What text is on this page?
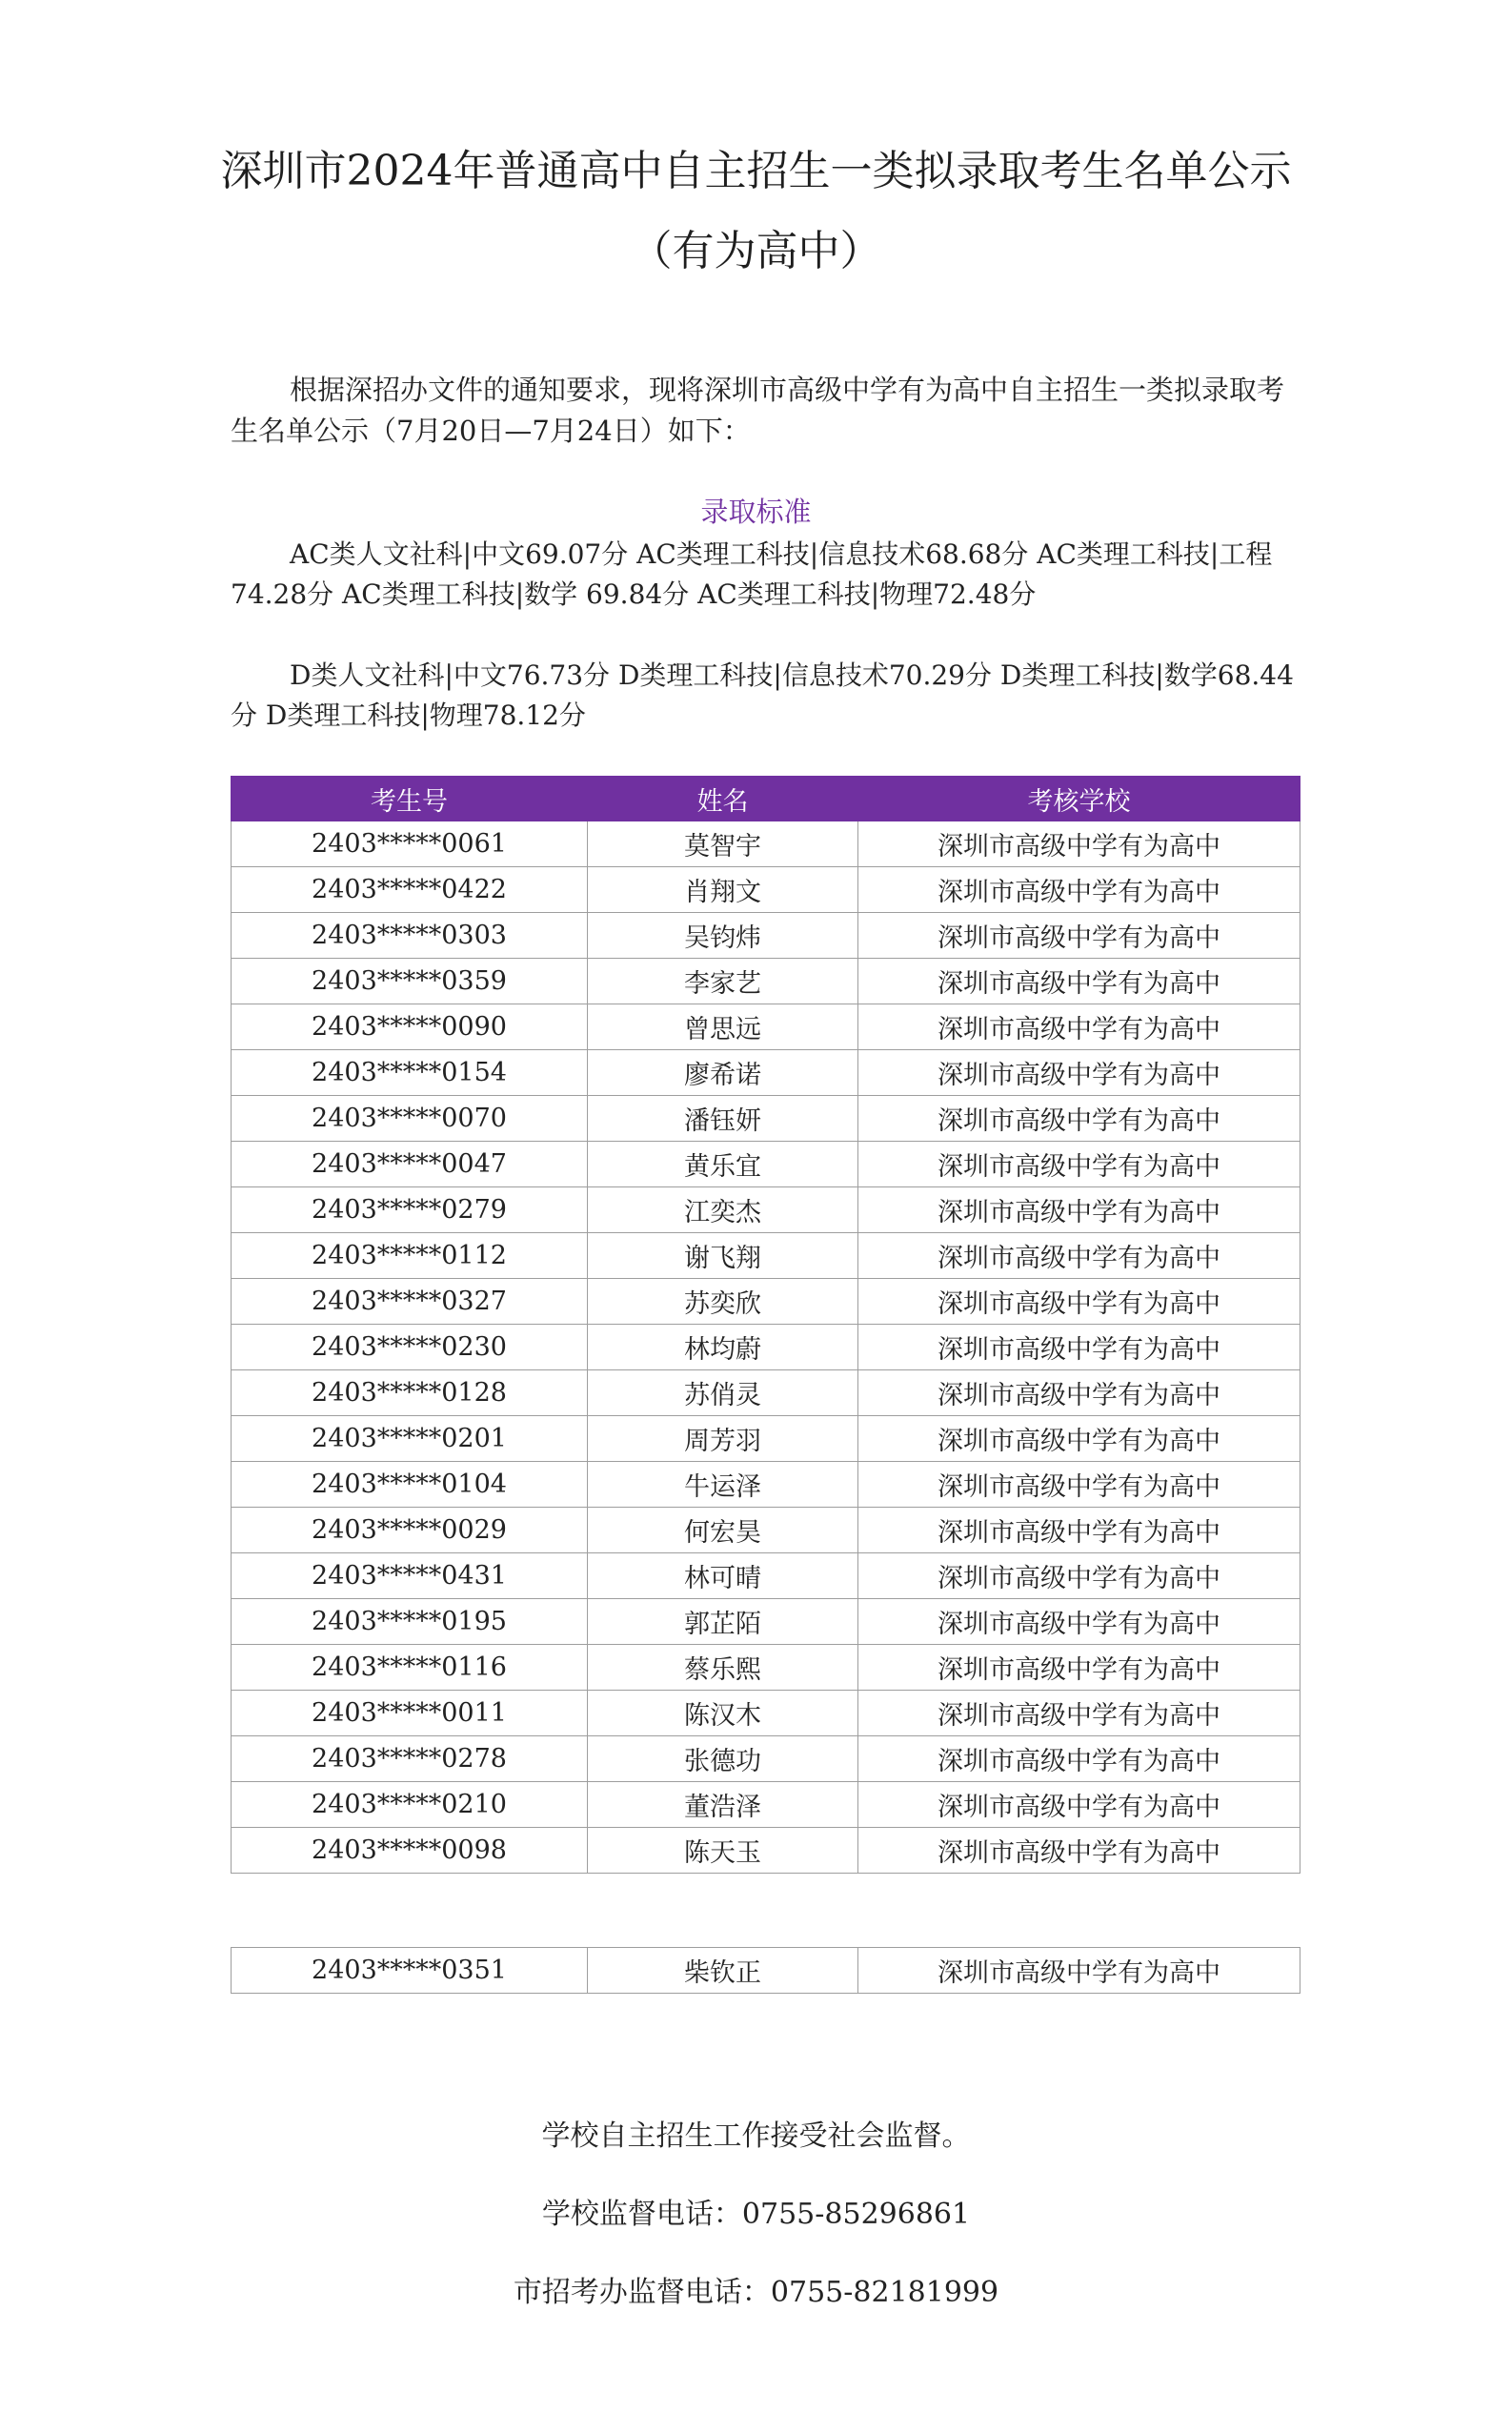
深圳市2024年普通高中自主招生一类拟录取考生名单公示
（有为高中）
根据深招办文件的通知要求，现将深圳市高级中学有为高中自主招生一类拟录取考生名单公示（7月20日—7月24日）如下：
录取标准
AC类人文社科|中文69.07分 AC类理工科技|信息技术68.68分 AC类理工科技|工程74.28分 AC类理工科技|数学 69.84分 AC类理工科技|物理72.48分
D类人文社科|中文76.73分 D类理工科技|信息技术70.29分 D类理工科技|数学68.44分 D类理工科技|物理78.12分
考生号	姓名	考核学校
2403*****0061	莫智宇	深圳市高级中学有为高中
2403*****0422	肖翔文	深圳市高级中学有为高中
2403*****0303	吴钧炜	深圳市高级中学有为高中
2403*****0359	李家艺	深圳市高级中学有为高中
2403*****0090	曾思远	深圳市高级中学有为高中
2403*****0154	廖希诺	深圳市高级中学有为高中
2403*****0070	潘钰妍	深圳市高级中学有为高中
2403*****0047	黄乐宜	深圳市高级中学有为高中
2403*****0279	江奕杰	深圳市高级中学有为高中
2403*****0112	谢飞翔	深圳市高级中学有为高中
2403*****0327	苏奕欣	深圳市高级中学有为高中
2403*****0230	林均蔚	深圳市高级中学有为高中
2403*****0128	苏俏灵	深圳市高级中学有为高中
2403*****0201	周芳羽	深圳市高级中学有为高中
2403*****0104	牛运泽	深圳市高级中学有为高中
2403*****0029	何宏昊	深圳市高级中学有为高中
2403*****0431	林可晴	深圳市高级中学有为高中
2403*****0195	郭芷陌	深圳市高级中学有为高中
2403*****0116	蔡乐熙	深圳市高级中学有为高中
2403*****0011	陈汉木	深圳市高级中学有为高中
2403*****0278	张德功	深圳市高级中学有为高中
2403*****0210	董浩泽	深圳市高级中学有为高中
2403*****0098	陈天玉	深圳市高级中学有为高中
2403*****0351	柴钦正	深圳市高级中学有为高中
学校自主招生工作接受社会监督。
学校监督电话：0755-85296861
市招考办监督电话：0755-82181999
